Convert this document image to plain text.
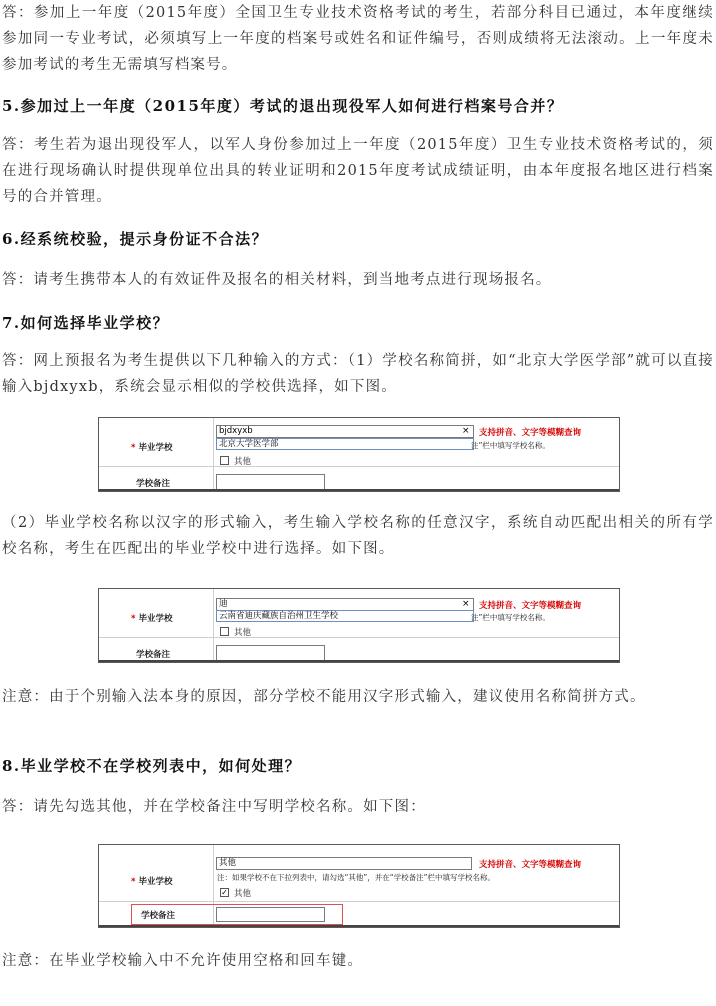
答：参加上一年度（2015年度）全国卫生专业技术资格考试的考生，若部分科目已通过，本年度继续参加同一专业考试，必须填写上一年度的档案号或姓名和证件编号，否则成绩将无法滚动。上一年度未参加考试的考生无需填写档案号。
5.参加过上一年度（2015年度）考试的退出现役军人如何进行档案号合并？
答：考生若为退出现役军人，以军人身份参加过上一年度（2015年度）卫生专业技术资格考试的，须在进行现场确认时提供现单位出具的转业证明和2015年度考试成绩证明，由本年度报名地区进行档案号的合并管理。
6.经系统校验，提示身份证不合法？
答：请考生携带本人的有效证件及报名的相关材料，到当地考点进行现场报名。
7.如何选择毕业学校？
答：网上预报名为考生提供以下几种输入的方式：（1）学校名称简拼，如“北京大学医学部”就可以直接输入bjdxyxb，系统会显示相似的学校供选择，如下图。
* 毕业学校
bjdxyxb	×
北京大学医学部
支持拼音、文字等模糊查询
注”栏中填写学校名称。
其他
学校备注
（2）毕业学校名称以汉字的形式输入，考生输入学校名称的任意汉字，系统自动匹配出相关的所有学校名称，考生在匹配出的毕业学校中进行选择。如下图。
* 毕业学校
迪	×
云南省迪庆藏族自治州卫生学校
支持拼音、文字等模糊查询
注”栏中填写学校名称。
其他
学校备注
注意：由于个别输入法本身的原因，部分学校不能用汉字形式输入，建议使用名称简拼方式。
8.毕业学校不在学校列表中，如何处理？
答：请先勾选其他，并在学校备注中写明学校名称。如下图：
* 毕业学校
其他	支持拼音、文字等模糊查询
注：如果学校不在下拉列表中，请勾选“其他”，并在“学校备注”栏中填写学校名称。
✓ 其他
学校备注
注意：在毕业学校输入中不允许使用空格和回车键。
